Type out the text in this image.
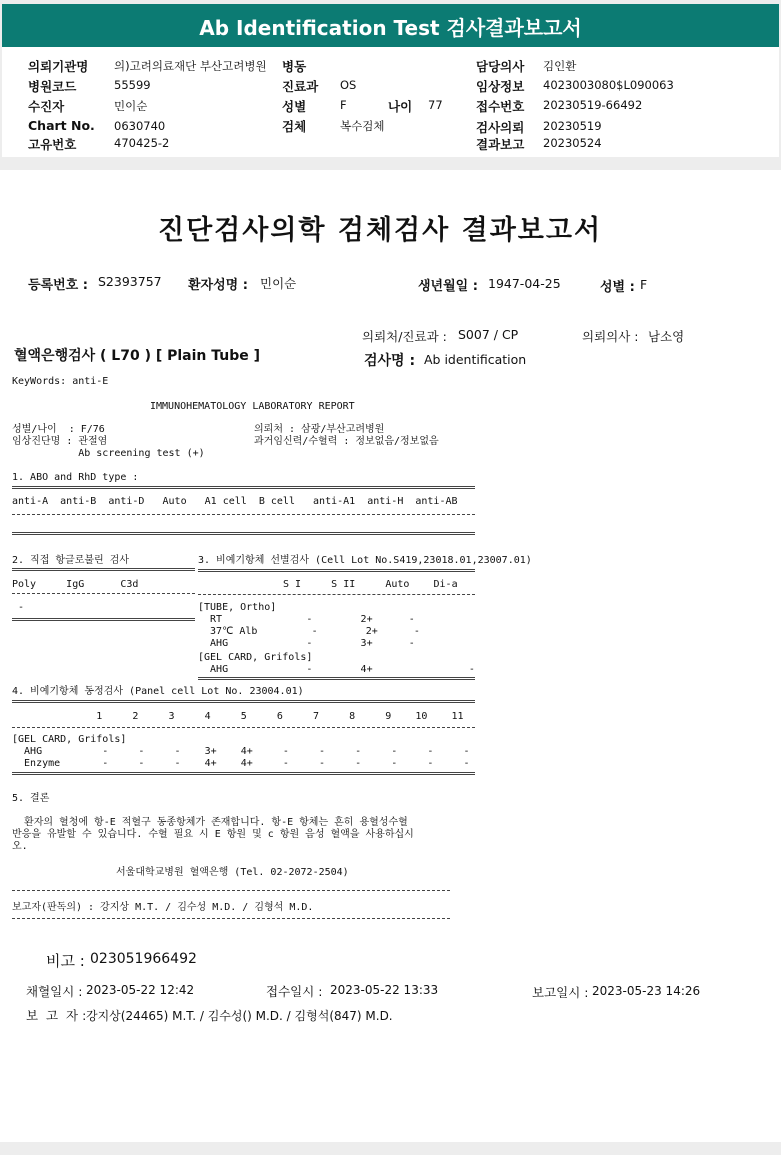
Ab Identification Test 검사결과보고서
의뢰기관명 의)고려의료재단 부산고려병원 병동	담당의사 김인환
병원코드	55599	진료과 OS	임상정보 4023003080$L090063
수진자	민이순	성별	F	나이 77	접수번호 20230519-66492
Chart No. 0630740	검체	복수검체	검사의뢰 20230519
고유번호	470425-2	결과보고 20230524
진단검사의학 검체검사 결과보고서
등록번호 : S2393757 환자성명 : 민이순	생년월일 : 1947-04-25	성별 : F
의뢰처/진료과 : S007 / CP	의뢰의사 : 남소영
혈액은행검사 ( L70 ) [ Plain Tube ]	검사명 : Ab identification
KeyWords: anti-E
IMMUNOHEMATOLOGY LABORATORY REPORT
성별/나이  : F/76
임상진단명 : 관절염
Ab screening test (+)
의뢰처 : 삼광/부산고려병원
과거임신력/수혈력 : 정보없음/정보없음
1. ABO and RhD type :
anti-A  anti-B  anti-D   Auto   A1 cell  B cell   anti-A1  anti-H  anti-AB
2. 직접 항글로불린 검사
Poly     IgG      C3d
-
3. 비예기항체 선별검사 (Cell Lot No.S419,23018.01,23007.01)
S I     S II     Auto    Di-a
[TUBE, Ortho]
RT              -        2+      -
37℃ Alb         -        2+      -
AHG             -        3+      -
[GEL CARD, Grifols]
AHG             -        4+                -
4. 비예기항체 동정검사 (Panel cell Lot No. 23004.01)
1     2     3     4     5     6     7     8     9    10    11
[GEL CARD, Grifols]
AHG          -     -     -    3+    4+     -     -     -     -     -     -
Enzyme       -     -     -    4+    4+     -     -     -     -     -     -
5. 결론
환자의 혈청에 항-E 적혈구 동종항체가 존재합니다. 항-E 항체는 흔히 용혈성수혈
반응을 유발할 수 있습니다. 수혈 필요 시 E 항원 및 c 항원 음성 혈액을 사용하십시
오.
서울대학교병원 혈액은행 (Tel. 02-2072-2504)
보고자(판독의) : 강지상 M.T. / 김수성 M.D. / 김형석 M.D.
비고 : 023051966492
채혈일시 : 2023-05-22 12:42	접수일시 : 2023-05-22 13:33	보고일시 : 2023-05-23 14:26
보  고  자 : 강지상(24465) M.T. / 김수성() M.D. / 김형석(847) M.D.
